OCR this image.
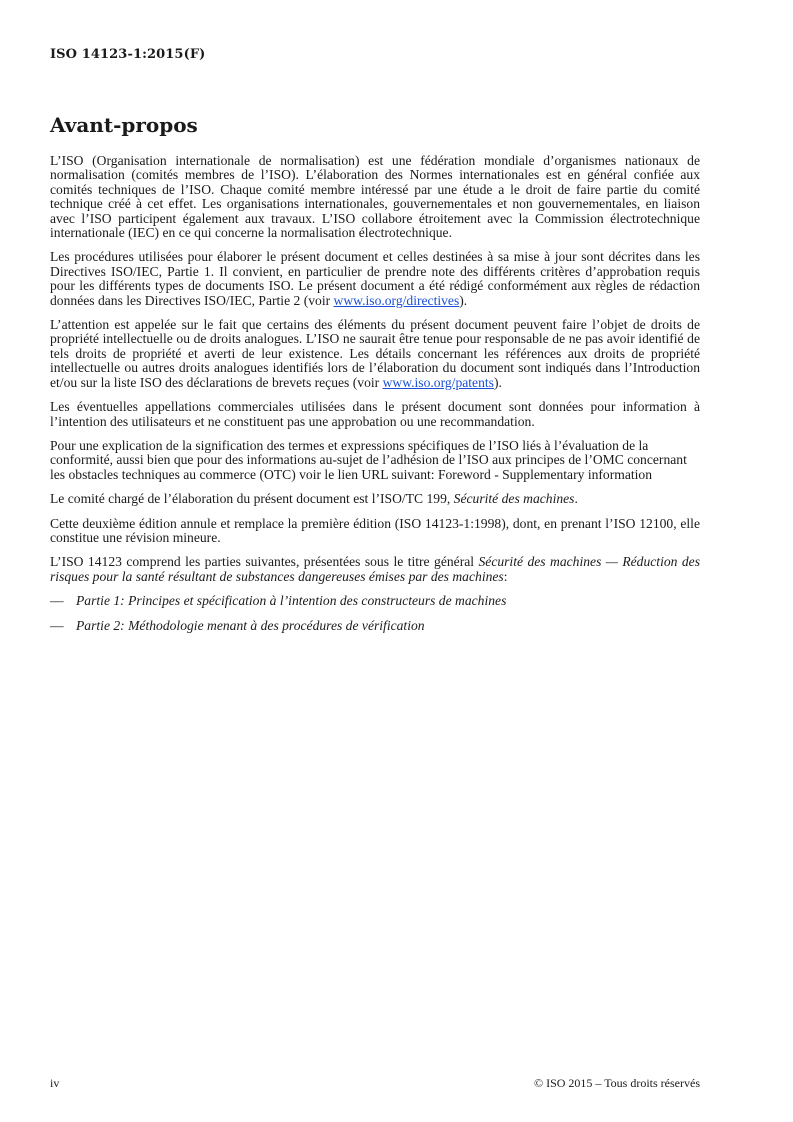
ISO 14123-1:2015(F)
Avant-propos

L’ISO (Organisation internationale de normalisation) est une fédération mondiale d’organismes nationaux de normalisation (comités membres de l’ISO). L’élaboration des Normes internationales est en général confiée aux comités techniques de l’ISO. Chaque comité membre intéressé par une étude a le droit de faire partie du comité technique créé à cet effet. Les organisations internationales, gouvernementales et non gouvernementales, en liaison avec l’ISO participent également aux travaux. L’ISO collabore étroitement avec la Commission électrotechnique internationale (IEC) en ce qui concerne la normalisation électrotechnique.

Les procédures utilisées pour élaborer le présent document et celles destinées à sa mise à jour sont décrites dans les Directives ISO/IEC, Partie 1. Il convient, en particulier de prendre note des différents critères d’approbation requis pour les différents types de documents ISO. Le présent document a été rédigé conformément aux règles de rédaction données dans les Directives ISO/IEC, Partie 2 (voir www.iso.org/directives).

L’attention est appelée sur le fait que certains des éléments du présent document peuvent faire l’objet de droits de propriété intellectuelle ou de droits analogues. L’ISO ne saurait être tenue pour responsable de ne pas avoir identifié de tels droits de propriété et averti de leur existence. Les détails concernant les références aux droits de propriété intellectuelle ou autres droits analogues identifiés lors de l’élaboration du document sont indiqués dans l’Introduction et/ou sur la liste ISO des déclarations de brevets reçues (voir www.iso.org/patents).

Les éventuelles appellations commerciales utilisées dans le présent document sont données pour information à l’intention des utilisateurs et ne constituent pas une approbation ou une recommandation.

Pour une explication de la signification des termes et expressions spécifiques de l’ISO liés à l’évaluation de la conformité, aussi bien que pour des informations au-sujet de l’adhésion de l’ISO aux principes de l’OMC concernant les obstacles techniques au commerce (OTC) voir le lien URL suivant: Foreword - Supplementary information

Le comité chargé de l’élaboration du présent document est l’ISO/TC 199, Sécurité des machines.

Cette deuxième édition annule et remplace la première édition (ISO 14123-1:1998), dont, en prenant l’ISO 12100, elle constitue une révision mineure.

L’ISO 14123 comprend les parties suivantes, présentées sous le titre général Sécurité des machines — Réduction des risques pour la santé résultant de substances dangereuses émises par des machines:

— Partie 1: Principes et spécification à l’intention des constructeurs de machines
— Partie 2: Méthodologie menant à des procédures de vérification
iv	© ISO 2015 – Tous droits réservés
